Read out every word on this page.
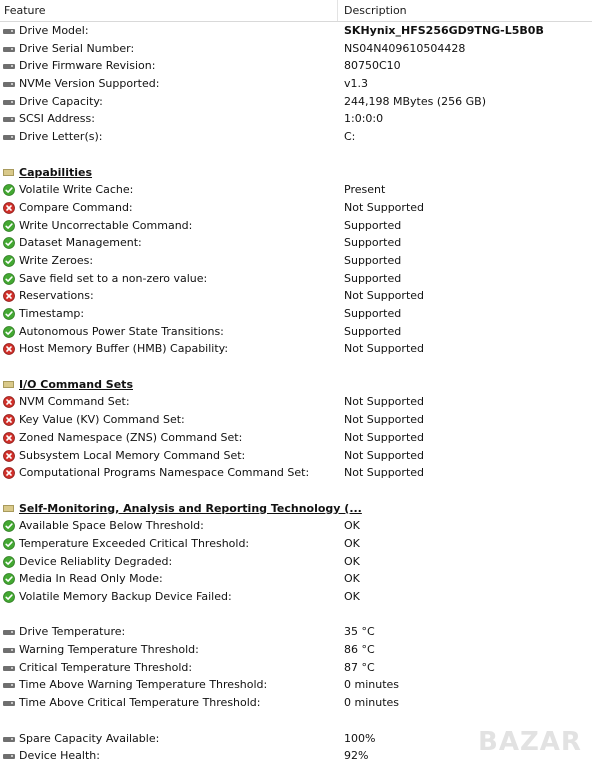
Feature	Description
Drive Model:	SKHynix_HFS256GD9TNG-L5B0B
Drive Serial Number:	NS04N409610504428
Drive Firmware Revision:	80750C10
NVMe Version Supported:	v1.3
Drive Capacity:	244,198 MBytes (256 GB)
SCSI Address:	1:0:0:0
Drive Letter(s):	C:
Capabilities
Volatile Write Cache:	Present
Compare Command:	Not Supported
Write Uncorrectable Command:	Supported
Dataset Management:	Supported
Write Zeroes:	Supported
Save field set to a non-zero value:	Supported
Reservations:	Not Supported
Timestamp:	Supported
Autonomous Power State Transitions:	Supported
Host Memory Buffer (HMB) Capability:	Not Supported
I/O Command Sets
NVM Command Set:	Not Supported
Key Value (KV) Command Set:	Not Supported
Zoned Namespace (ZNS) Command Set:	Not Supported
Subsystem Local Memory Command Set:	Not Supported
Computational Programs Namespace Command Set:	Not Supported
Self-Monitoring, Analysis and Reporting Technology (...
Available Space Below Threshold:	OK
Temperature Exceeded Critical Threshold:	OK
Device Reliablity Degraded:	OK
Media In Read Only Mode:	OK
Volatile Memory Backup Device Failed:	OK
Drive Temperature:	35 °C
Warning Temperature Threshold:	86 °C
Critical Temperature Threshold:	87 °C
Time Above Warning Temperature Threshold:	0 minutes
Time Above Critical Temperature Threshold:	0 minutes
Spare Capacity Available:	100%
Device Health:	92%	BAZAR
